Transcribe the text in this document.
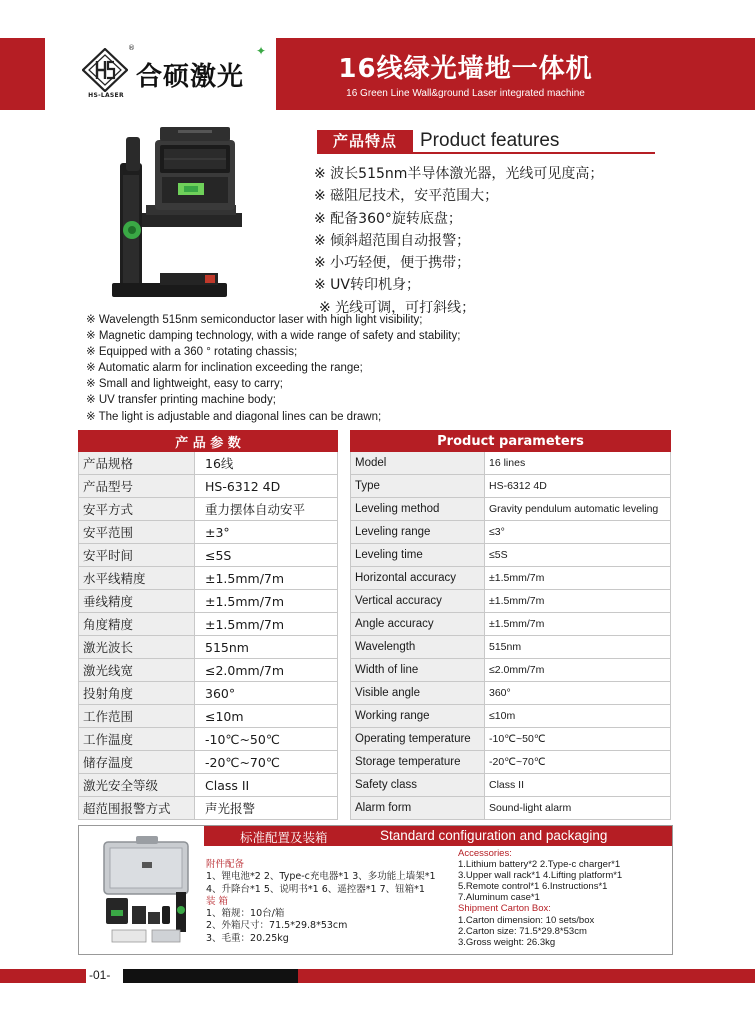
®
HS-LASER
合硕激光
✦
16线绿光墙地一体机
16 Green Line Wall&ground Laser integrated machine
产品特点	Product features
※ 波长515nm半导体激光器，光线可见度高；
※ 磁阻尼技术，安平范围大；
※ 配备360°旋转底盘；
※ 倾斜超范围自动报警；
※ 小巧轻便，便于携带；
※ UV转印机身；
※ 光线可调，可打斜线；
※ Wavelength 515nm semiconductor laser with high light visibility;
※ Magnetic damping technology, with a wide range of safety and stability;
※ Equipped with a 360 ° rotating chassis;
※ Automatic alarm for inclination exceeding the range;
※ Small and lightweight, easy to carry;
※ UV transfer printing machine body;
※ The light is adjustable and diagonal lines can be drawn;
产 品 参 数	
产品规格	16线
产品型号	HS-6312 4D
安平方式	重力摆体自动安平
安平范围	±3°
安平时间	≤5S
水平线精度	±1.5mm/7m
垂线精度	±1.5mm/7m
角度精度	±1.5mm/7m
激光波长	515nm
激光线宽	≤2.0mm/7m
投射角度	360°
工作范围	≤10m
工作温度	-10℃~50℃
储存温度	-20℃~70℃
激光安全等级	Class II
超范围报警方式	声光报警
Product parameters	
Model	16 lines
Type	HS-6312 4D
Leveling method	Gravity pendulum automatic leveling
Leveling range	≤3°
Leveling time	≤5S
Horizontal accuracy	±1.5mm/7m
Vertical accuracy	±1.5mm/7m
Angle accuracy	±1.5mm/7m
Wavelength	515nm
Width of line	≤2.0mm/7m
Visible angle	360°
Working range	≤10m
Operating temperature	-10℃~50℃
Storage temperature	-20℃~70℃
Safety class	Class II
Alarm form	Sound-light alarm
标准配置及装箱	Standard configuration and packaging
附件配备
1、锂电池*2 2、Type-c充电器*1 3、多功能上墙架*1
4、升降台*1 5、说明书*1 6、遥控器*1 7、钮箱*1
装 箱
1、箱规：10台/箱
2、外箱尺寸：71.5*29.8*53cm
3、毛重：20.25kg
Accessories:
1.Lithium battery*2 2.Type-c charger*1
3.Upper wall rack*1 4.Lifting platform*1
5.Remote control*1 6.Instructions*1
7.Aluminum case*1
Shipment Carton Box:
1.Carton dimension: 10 sets/box
2.Carton size: 71.5*29.8*53cm
3.Gross weight: 26.3kg
-01-
